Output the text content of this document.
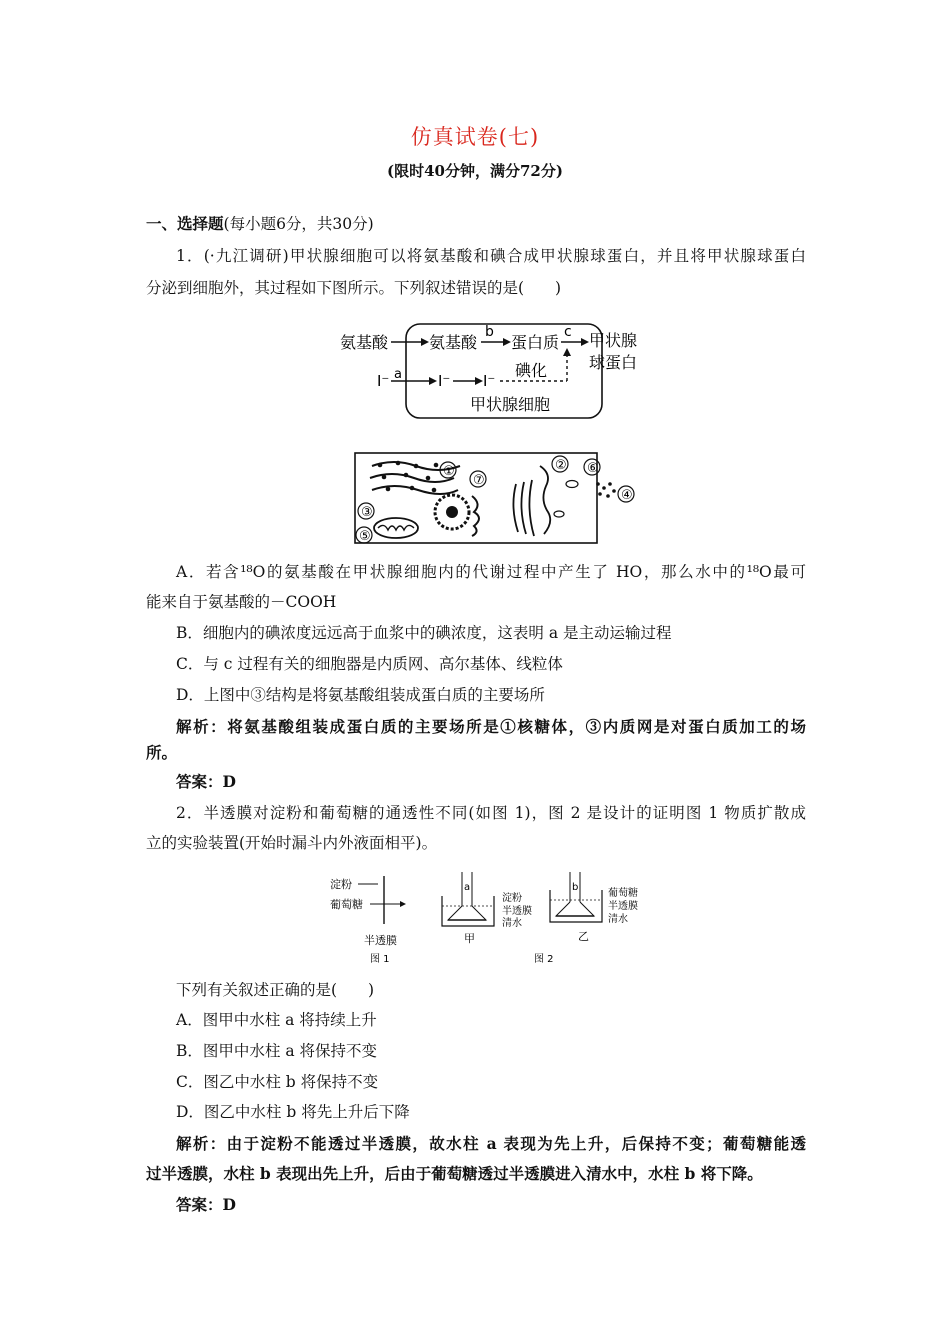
仿真试卷(七)
(限时40分钟，满分72分)
一、选择题(每小题6分，共30分)
1．(·九江调研)甲状腺细胞可以将氨基酸和碘合成甲状腺球蛋白，并且将甲状腺球蛋白
分泌到细胞外，其过程如下图所示。下列叙述错误的是(　　)
氨基酸	氨基酸
b
蛋白质
c 甲状腺
球蛋白
I⁻ a I⁻ I⁻
碘化
甲状腺细胞
①
③
⑤
⑦
② ⑥
④
A．若含¹⁸O的氨基酸在甲状腺细胞内的代谢过程中产生了 HO，那么水中的¹⁸O最可
能来自于氨基酸的－COOH
B．细胞内的碘浓度远远高于血浆中的碘浓度，这表明 a 是主动运输过程
C．与 c 过程有关的细胞器是内质网、高尔基体、线粒体
D．上图中③结构是将氨基酸组装成蛋白质的主要场所
解析：将氨基酸组装成蛋白质的主要场所是①核糖体，③内质网是对蛋白质加工的场
所。
答案：D
2．半透膜对淀粉和葡萄糖的通透性不同(如图 1)，图 2 是设计的证明图 1 物质扩散成
立的实验装置(开始时漏斗内外液面相平)。
淀粉
葡萄糖
半透膜
图 1
a
淀粉
半透膜
清水
甲
b
葡萄糖
半透膜
清水
乙
图 2
下列有关叙述正确的是(　　)
A．图甲中水柱 a 将持续上升
B．图甲中水柱 a 将保持不变
C．图乙中水柱 b 将保持不变
D．图乙中水柱 b 将先上升后下降
解析：由于淀粉不能透过半透膜，故水柱 a 表现为先上升，后保持不变；葡萄糖能透
过半透膜，水柱 b 表现出先上升，后由于葡萄糖透过半透膜进入清水中，水柱 b 将下降。
答案：D
